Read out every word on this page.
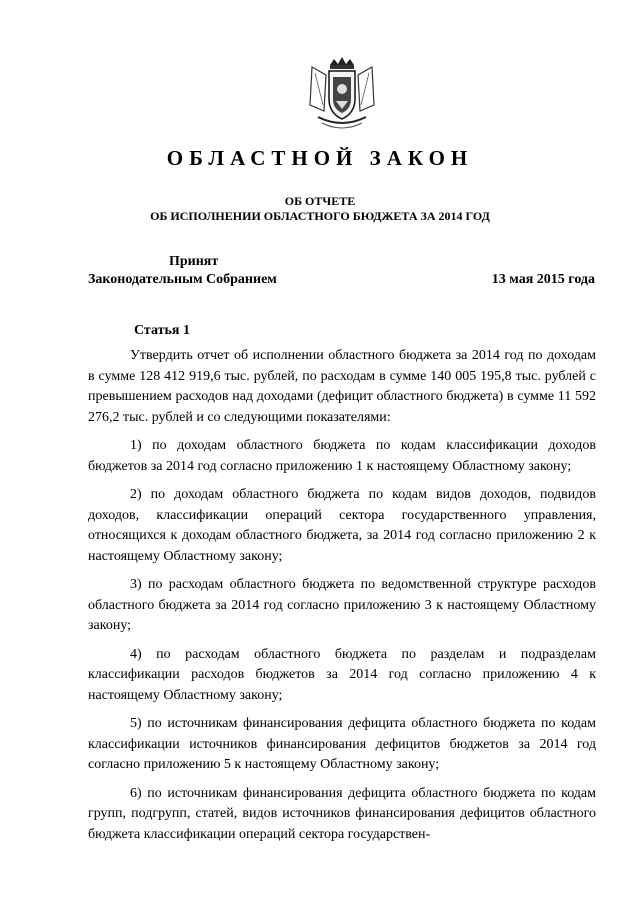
ОБЛАСТНОЙ ЗАКОН
ОБ ОТЧЕТЕ
ОБ ИСПОЛНЕНИИ ОБЛАСТНОГО БЮДЖЕТА ЗА 2014 ГОД
Принят
Законодательным Собранием	13 мая 2015 года
Статья 1

Утвердить отчет об исполнении областного бюджета за 2014 год по доходам в сумме 128 412 919,6 тыс. рублей, по расходам в сумме 140 005 195,8 тыс. рублей с превышением расходов над доходами (дефицит областного бюджета) в сумме 11 592 276,2 тыс. рублей и со следующими показателями:

1) по доходам областного бюджета по кодам классификации доходов бюджетов за 2014 год согласно приложению 1 к настоящему Областному закону;

2) по доходам областного бюджета по кодам видов доходов, подвидов доходов, классификации операций сектора государственного управления, относящихся к доходам областного бюджета, за 2014 год согласно приложению 2 к настоящему Областному закону;

3) по расходам областного бюджета по ведомственной структуре расходов областного бюджета за 2014 год согласно приложению 3 к настоящему Областному закону;

4) по расходам областного бюджета по разделам и подразделам классификации расходов бюджетов за 2014 год согласно приложению 4 к настоящему Областному закону;

5) по источникам финансирования дефицита областного бюджета по кодам классификации источников финансирования дефицитов бюджетов за 2014 год согласно приложению 5 к настоящему Областному закону;

6) по источникам финансирования дефицита областного бюджета по кодам групп, подгрупп, статей, видов источников финансирования дефицитов областного бюджета классификации операций сектора государствен-
